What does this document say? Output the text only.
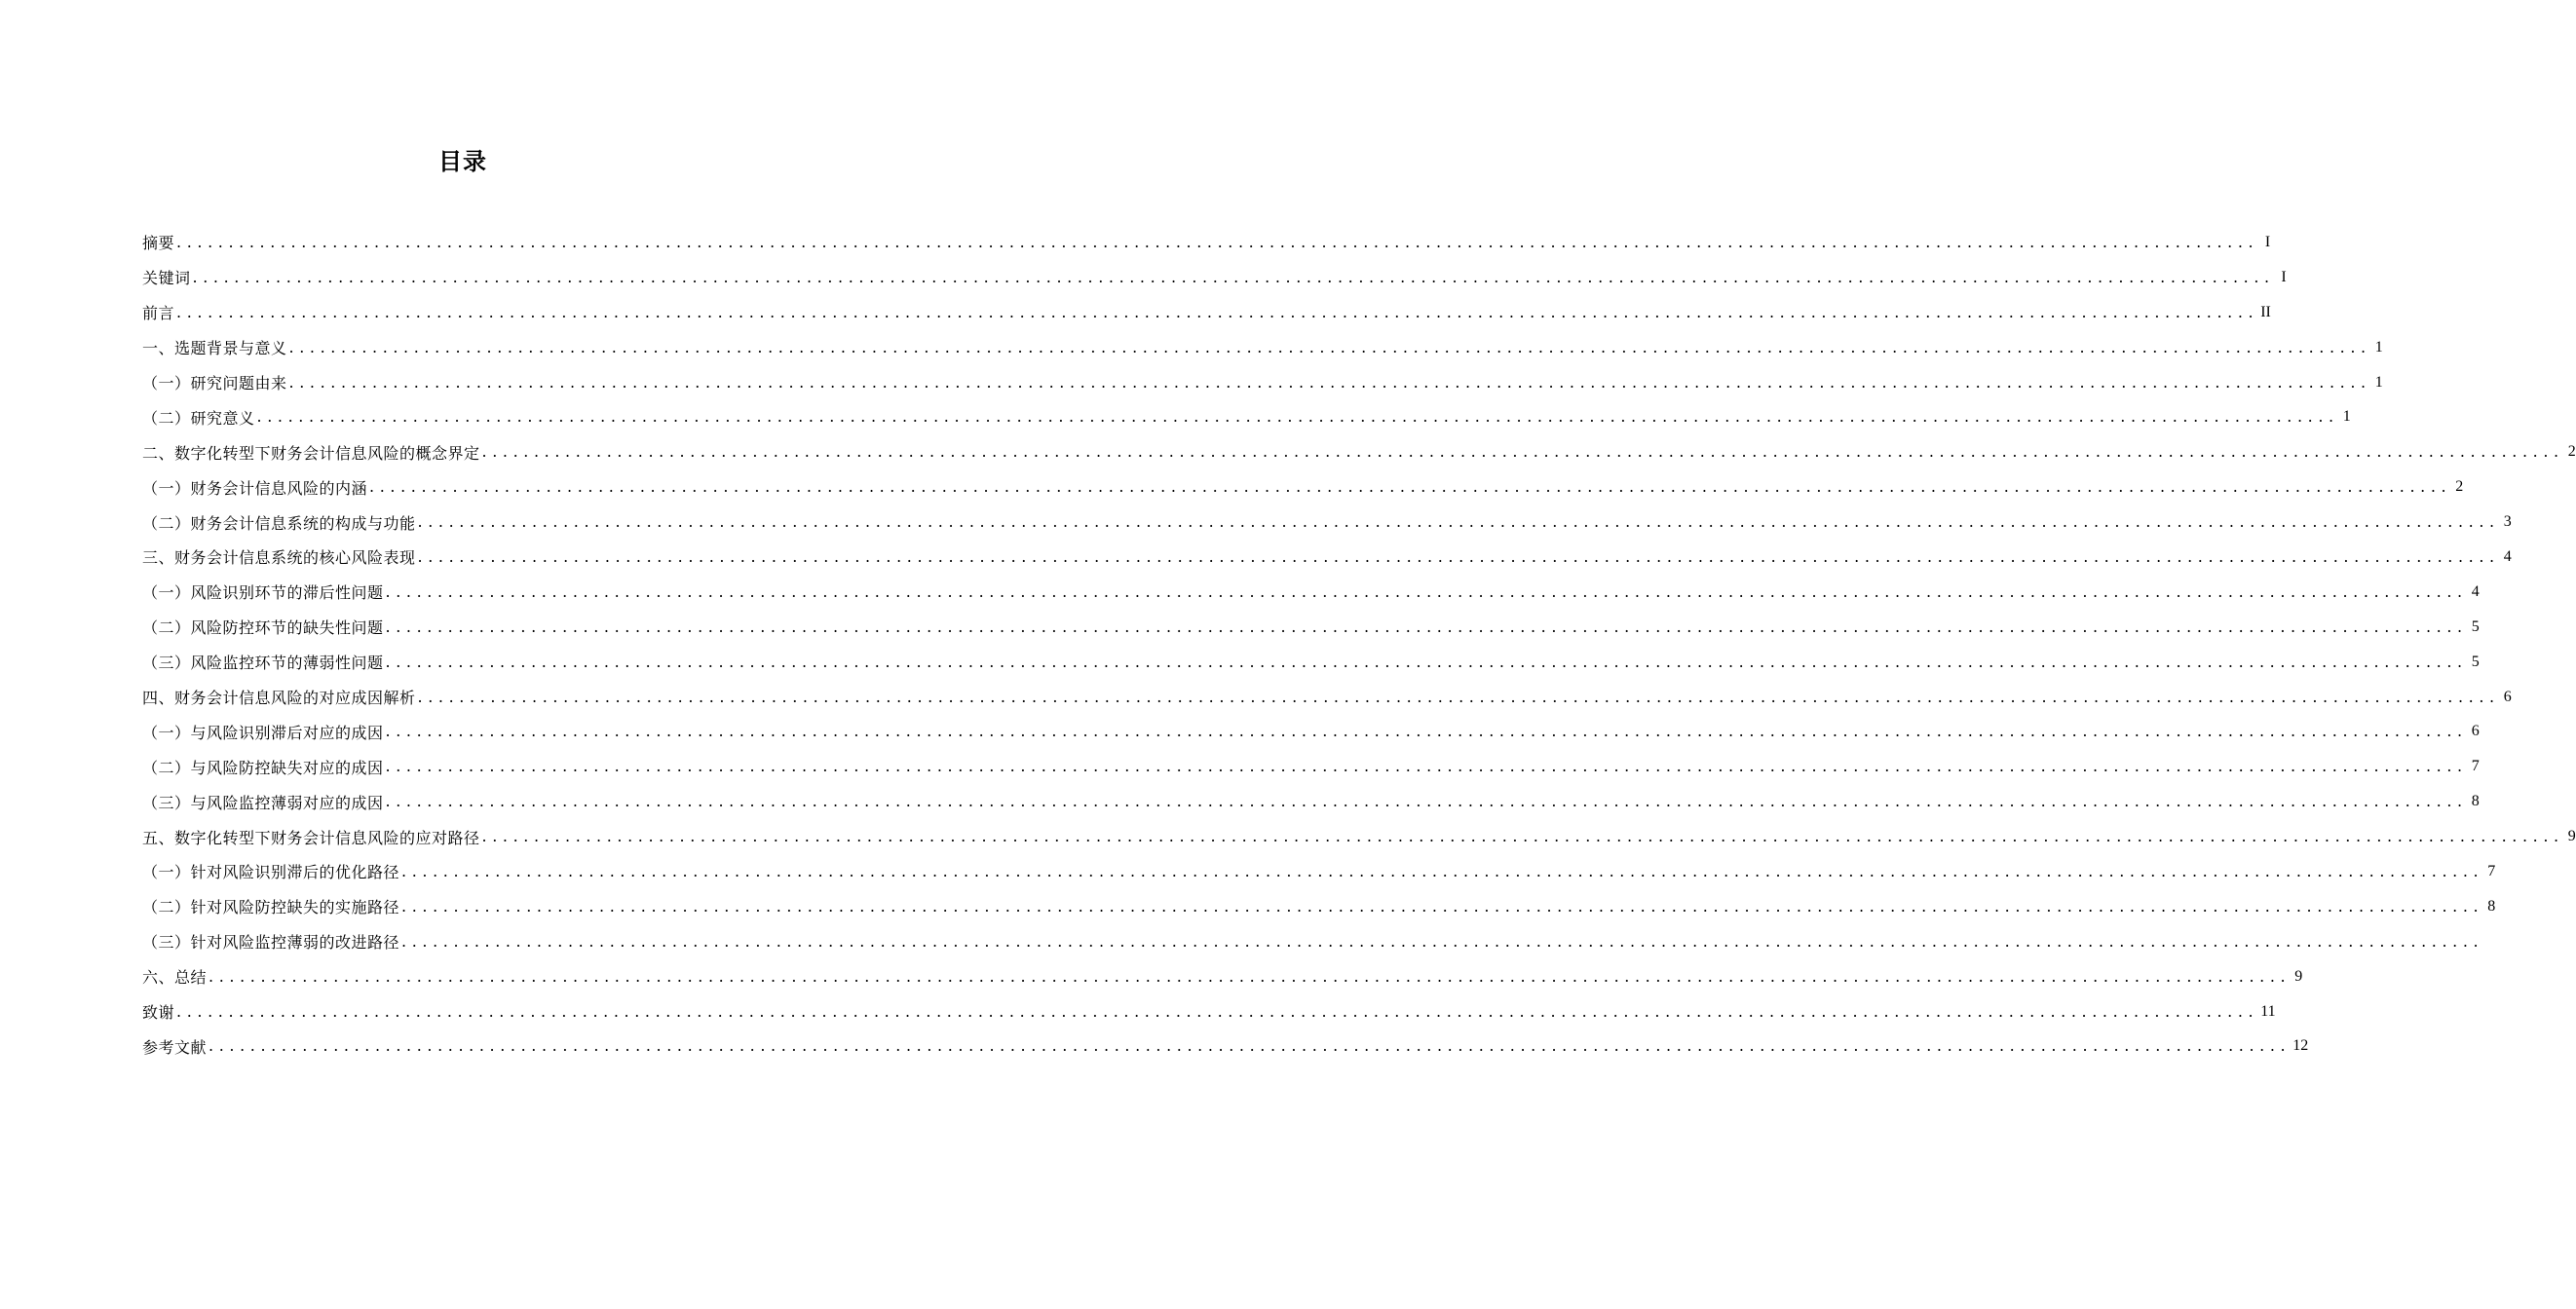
目录
摘要 ........................................................................................................................................................................................................ I
关键词 ........................................................................................................................................................................................................ I
前言 ........................................................................................................................................................................................................ II
一、选题背景与意义 ........................................................................................................................................................................................................ 1
（一）研究问题由来 ........................................................................................................................................................................................................ 1
（二）研究意义 ........................................................................................................................................................................................................ 1
二、数字化转型下财务会计信息风险的概念界定 ........................................................................................................................................................................................................ 2
（一）财务会计信息风险的内涵 ........................................................................................................................................................................................................ 2
（二）财务会计信息系统的构成与功能 ........................................................................................................................................................................................................ 3
三、财务会计信息系统的核心风险表现 ........................................................................................................................................................................................................ 4
（一）风险识别环节的滞后性问题 ........................................................................................................................................................................................................ 4
（二）风险防控环节的缺失性问题 ........................................................................................................................................................................................................ 5
（三）风险监控环节的薄弱性问题 ........................................................................................................................................................................................................ 5
四、财务会计信息风险的对应成因解析 ........................................................................................................................................................................................................ 6
（一）与风险识别滞后对应的成因 ........................................................................................................................................................................................................ 6
（二）与风险防控缺失对应的成因 ........................................................................................................................................................................................................ 7
（三）与风险监控薄弱对应的成因 ........................................................................................................................................................................................................ 8
五、数字化转型下财务会计信息风险的应对路径 ........................................................................................................................................................................................................ 9
（一）针对风险识别滞后的优化路径 ........................................................................................................................................................................................................ 7
（二）针对风险防控缺失的实施路径 ........................................................................................................................................................................................................ 8
（三）针对风险监控薄弱的改进路径 ........................................................................................................................................................................................................
六、总结 ........................................................................................................................................................................................................ 9
致谢 ........................................................................................................................................................................................................ 11
参考文献 ........................................................................................................................................................................................................ 12
